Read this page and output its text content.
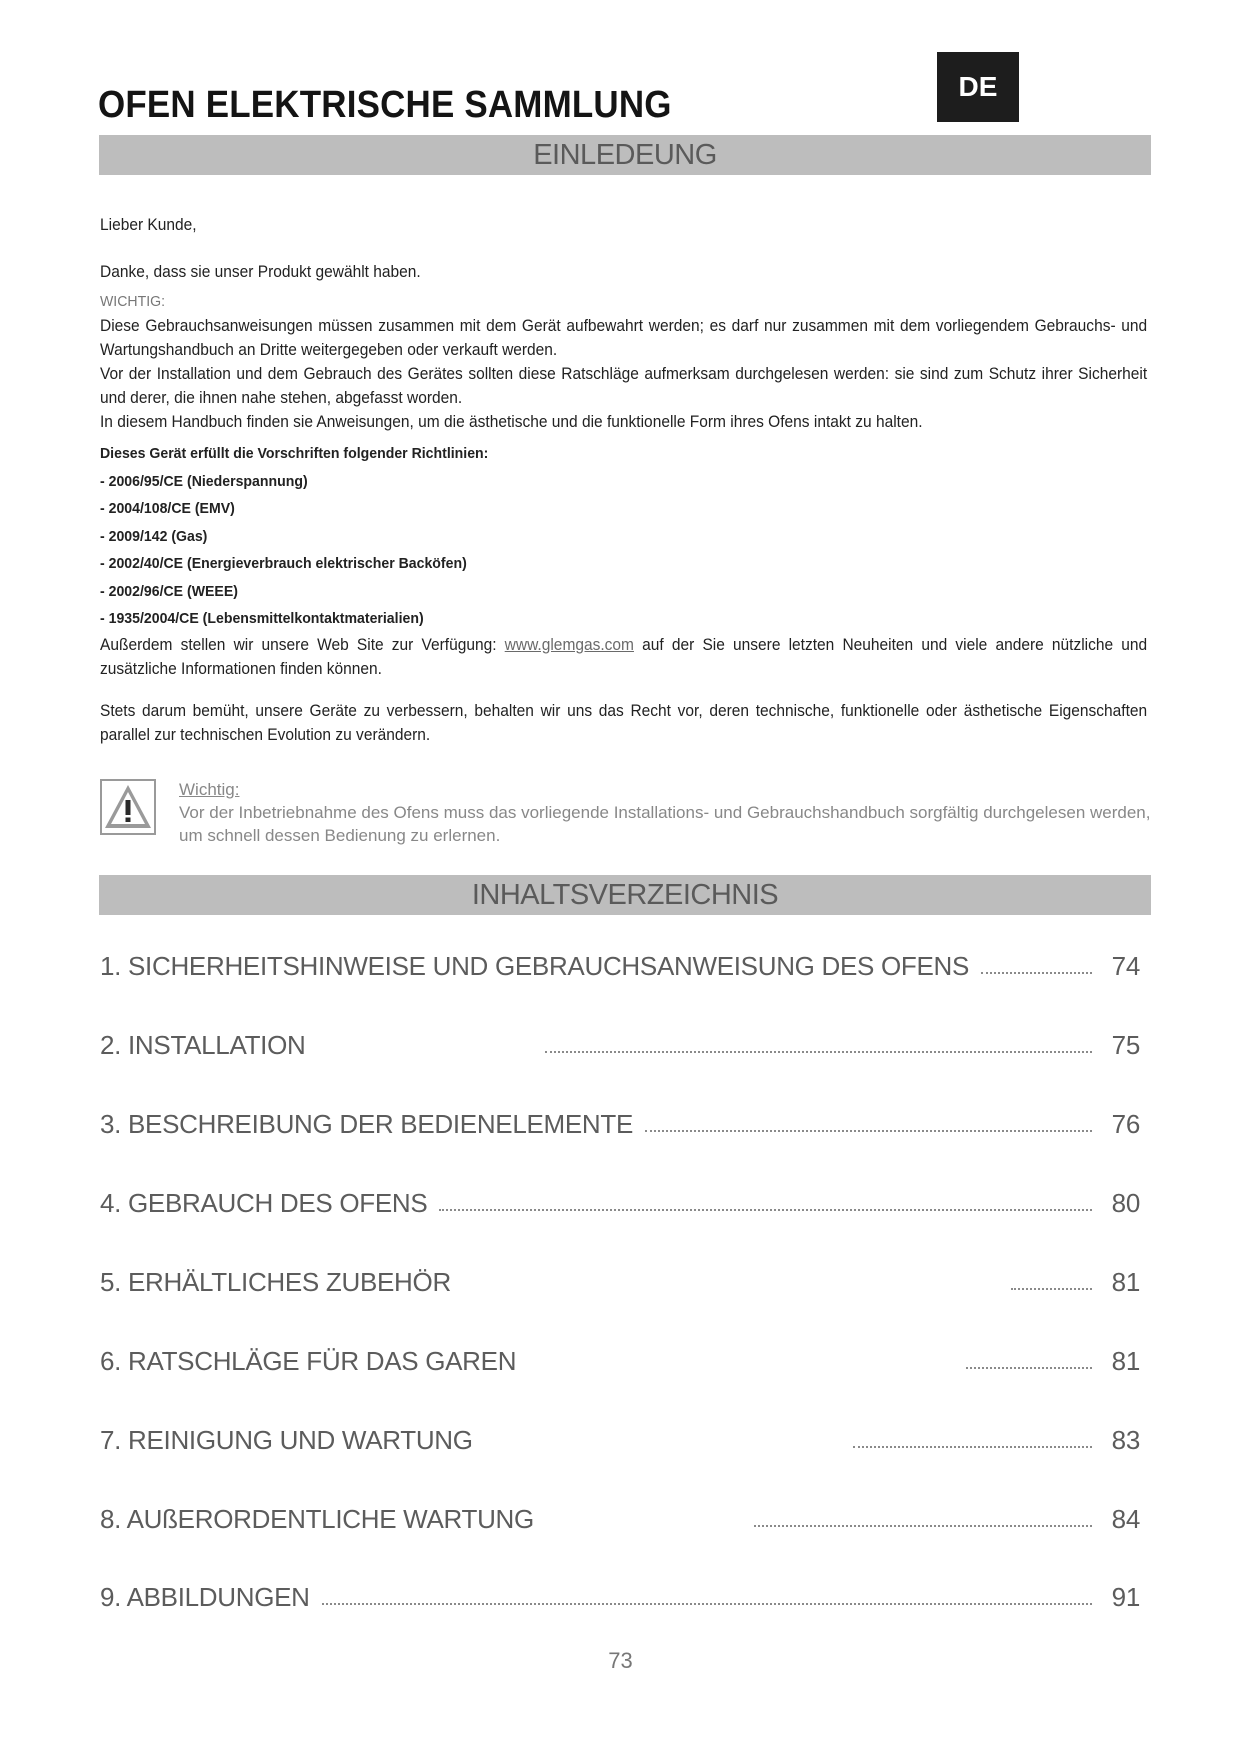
OFEN ELEKTRISCHE SAMMLUNG	DE
EINLEDEUNG

Lieber Kunde,

Danke, dass sie unser Produkt gewählt haben.

WICHTIG:

Diese Gebrauchsanweisungen müssen zusammen mit dem Gerät aufbewahrt werden; es darf nur zusammen mit dem vorliegendem Gebrauchs- und Wartungshandbuch an Dritte weitergegeben oder verkauft werden.

Vor der Installation und dem Gebrauch des Gerätes sollten diese Ratschläge aufmerksam durchgelesen werden: sie sind zum Schutz ihrer Sicherheit und derer, die ihnen nahe stehen, abgefasst worden.

In diesem Handbuch finden sie Anweisungen, um die ästhetische und die funktionelle Form ihres Ofens intakt zu halten.

Dieses Gerät erfüllt die Vorschriften folgender Richtlinien:

- 2006/95/CE (Niederspannung)

- 2004/108/CE (EMV)

- 2009/142 (Gas)

- 2002/40/CE (Energieverbrauch elektrischer Backöfen)

- 2002/96/CE (WEEE)

- 1935/2004/CE (Lebensmittelkontaktmaterialien)

Außerdem stellen wir unsere Web Site zur Verfügung: www.glemgas.com auf der Sie unsere letzten Neuheiten und viele andere nützliche und zusätzliche Informationen finden können.

Stets darum bemüht, unsere Geräte zu verbessern, behalten wir uns das Recht vor, deren technische, funktionelle oder ästhetische Eigenschaften parallel zur technischen Evolution zu verändern.

Wichtig:
Vor der Inbetriebnahme des Ofens muss das vorliegende Installations- und Gebrauchshandbuch sorgfältig durchgelesen werden, um schnell dessen Bedienung zu erlernen.
INHALTSVERZEICHNIS
1. SICHERHEITSHINWEISE UND GEBRAUCHSANWEISUNG DES OFENS	74
2. INSTALLATION	75
3. BESCHREIBUNG DER BEDIENELEMENTE	76
4. GEBRAUCH DES OFENS	80
5. ERHÄLTLICHES ZUBEHÖR	81
6. RATSCHLÄGE FÜR DAS GAREN	81
7. REINIGUNG UND WARTUNG	83
8. AUßERORDENTLICHE WARTUNG	84
9. ABBILDUNGEN	91
73
